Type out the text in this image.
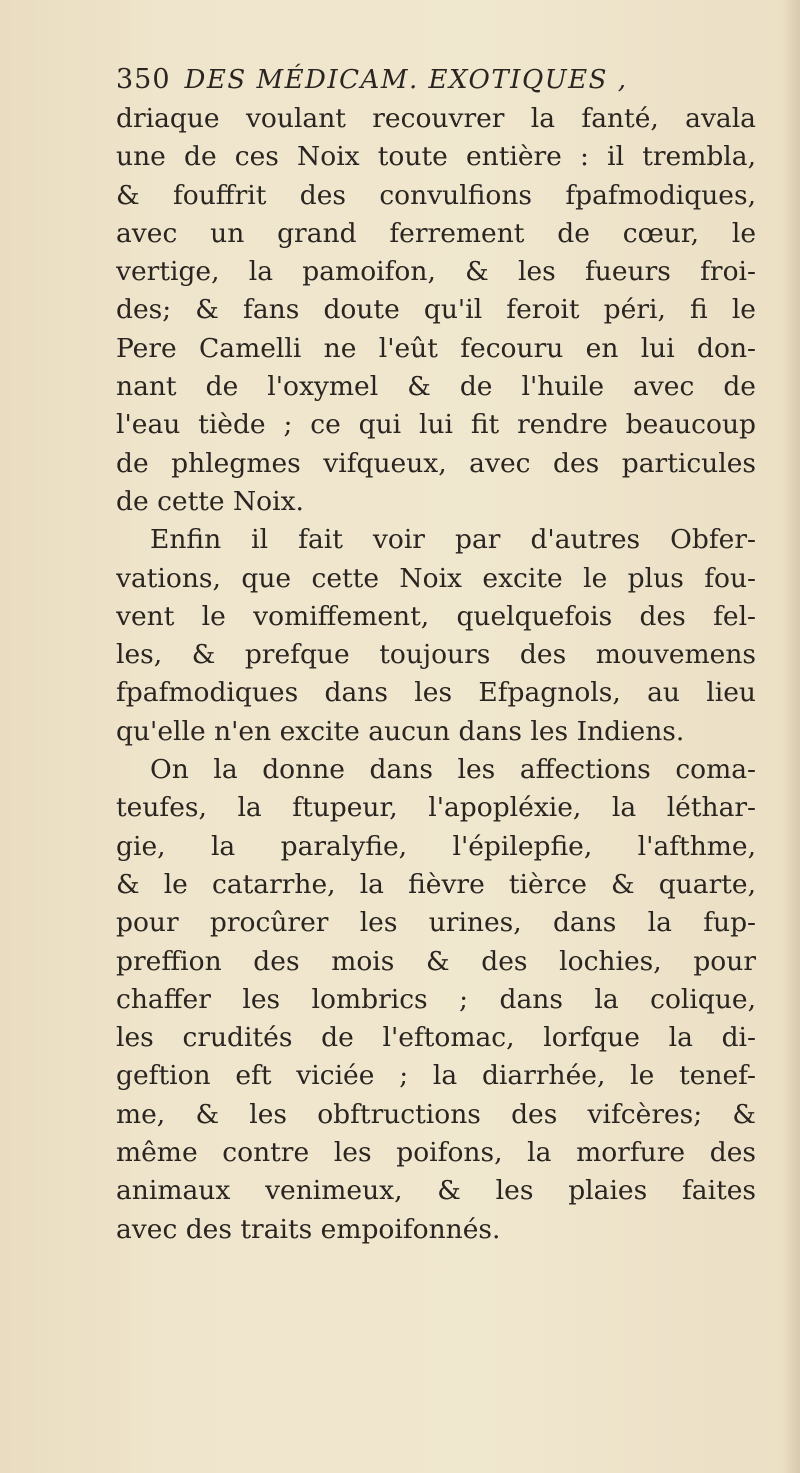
350 DES MÉDICAM. EXOTIQUES ,
driaque voulant recouvrer la fanté, avala
une de ces Noix toute entière : il trembla,
& fouffrit des convulfions fpafmodiques,
avec un grand ferrement de cœur, le
vertige, la pamoifon, & les fueurs froi-
des; & fans doute qu'il feroit péri, fi le
Pere Camelli ne l'eût fecouru en lui don-
nant de l'oxymel & de l'huile avec de
l'eau tiède ; ce qui lui fit rendre beaucoup
de phlegmes vifqueux, avec des particules
de cette Noix.
Enfin il fait voir par d'autres Obfer-
vations, que cette Noix excite le plus fou-
vent le vomiffement, quelquefois des fel-
les, & prefque toujours des mouvemens
fpafmodiques dans les Efpagnols, au lieu
qu'elle n'en excite aucun dans les Indiens.
On la donne dans les affections coma-
teufes, la ftupeur, l'apopléxie, la léthar-
gie, la paralyfie, l'épilepfie, l'afthme,
& le catarrhe, la fièvre tièrce & quarte,
pour procûrer les urines, dans la fup-
preffion des mois & des lochies, pour
chaffer les lombrics ; dans la colique,
les crudités de l'eftomac, lorfque la di-
geftion eft viciée ; la diarrhée, le tenef-
me, & les obftructions des vifcères; &
même contre les poifons, la morfure des
animaux venimeux, & les plaies faites
avec des traits empoifonnés.
